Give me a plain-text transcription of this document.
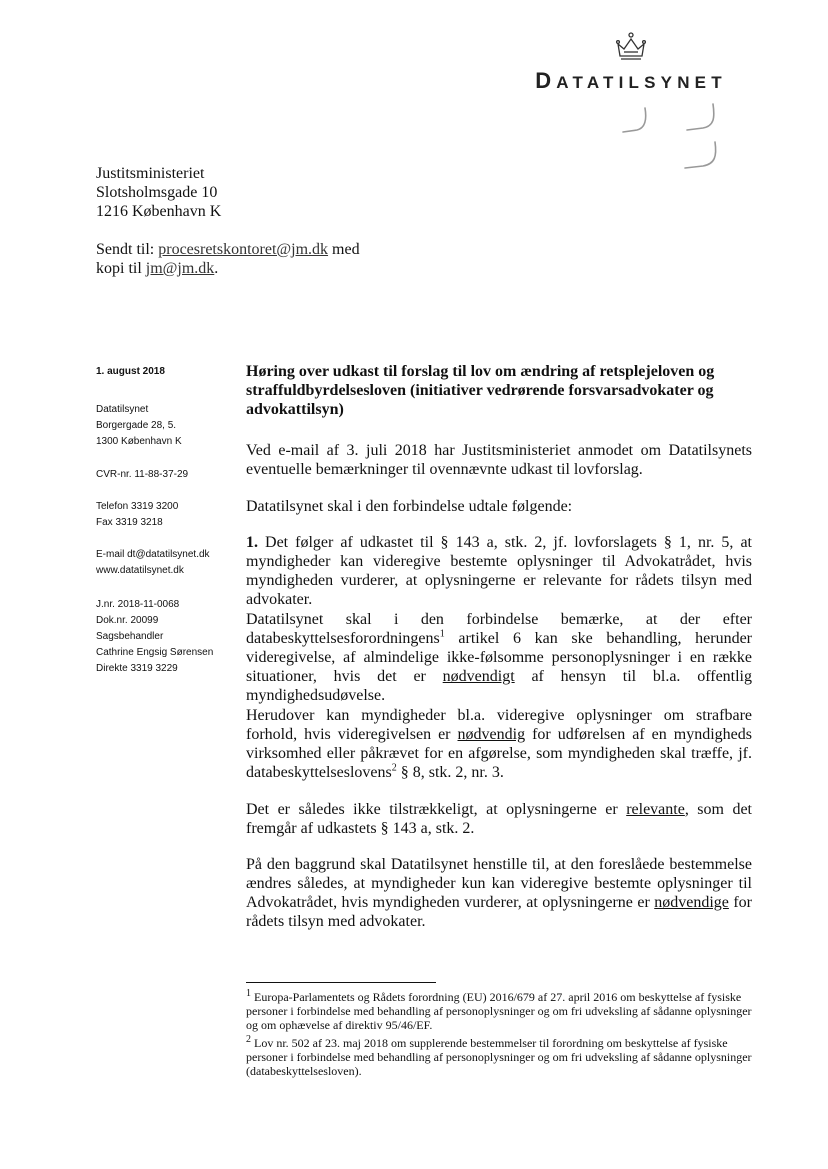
DATATILSYNET
Justitsministeriet
Slotsholmsgade 10
1216 København K
Sendt til: procesretskontoret@jm.dk med
kopi til jm@jm.dk.
1. august 2018
Datatilsynet
Borgergade 28, 5.
1300 København K
CVR-nr. 11-88-37-29
Telefon 3319 3200
Fax 3319 3218
E-mail dt@datatilsynet.dk
www.datatilsynet.dk
J.nr. 2018-11-0068
Dok.nr. 20099
Sagsbehandler
Cathrine Engsig Sørensen
Direkte 3319 3229
Høring over udkast til forslag til lov om ændring af retsplejeloven og straffuldbyrdelsesloven (initiativer vedrørende forsvarsadvokater og advokattilsyn)

Ved e-mail af 3. juli 2018 har Justitsministeriet anmodet om Datatilsynets eventuelle bemærkninger til ovennævnte udkast til lovforslag.

Datatilsynet skal i den forbindelse udtale følgende:

1. Det følger af udkastet til § 143 a, stk. 2, jf. lovforslagets § 1, nr. 5, at myndigheder kan videregive bestemte oplysninger til Advokatrådet, hvis myndigheden vurderer, at oplysningerne er relevante for rådets tilsyn med advokater.

Datatilsynet skal i den forbindelse bemærke, at der efter databeskyttelsesforordningens$^1$ artikel 6 kan ske behandling, herunder videregivelse, af almindelige ikke-følsomme personoplysninger i en række situationer, hvis det er nødvendigt af hensyn til bl.a. offentlig myndighedsudøvelse.

Herudover kan myndigheder bl.a. videregive oplysninger om strafbare forhold, hvis videregivelsen er nødvendig for udførelsen af en myndigheds virksomhed eller påkrævet for en afgørelse, som myndigheden skal træffe, jf. databeskyttelseslovens$^2$ § 8, stk. 2, nr. 3.

Det er således ikke tilstrækkeligt, at oplysningerne er relevante, som det fremgår af udkastets § 143 a, stk. 2.

På den baggrund skal Datatilsynet henstille til, at den foreslåede bestemmelse ændres således, at myndigheder kun kan videregive bestemte oplysninger til Advokatrådet, hvis myndigheden vurderer, at oplysningerne er nødvendige for rådets tilsyn med advokater.

$^1$ Europa-Parlamentets og Rådets forordning (EU) 2016/679 af 27. april 2016 om beskyttelse af fysiske personer i forbindelse med behandling af personoplysninger og om fri udveksling af sådanne oplysninger og om ophævelse af direktiv 95/46/EF.
$^2$ Lov nr. 502 af 23. maj 2018 om supplerende bestemmelser til forordning om beskyttelse af fysiske personer i forbindelse med behandling af personoplysninger og om fri udveksling af sådanne oplysninger (databeskyttelsesloven).
